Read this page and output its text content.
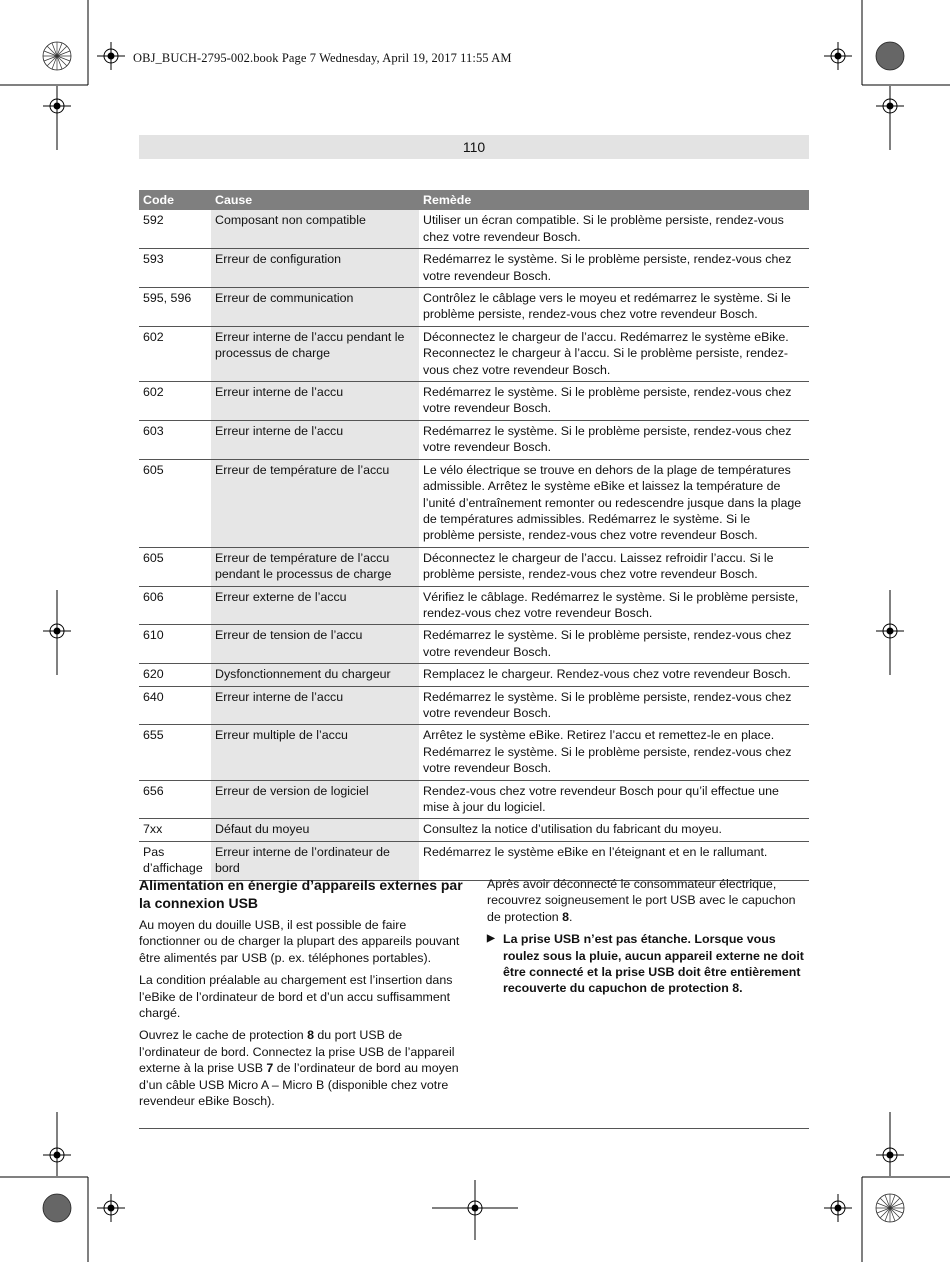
OBJ_BUCH-2795-002.book Page 7 Wednesday, April 19, 2017 11:55 AM
110
Code	Cause	Remède
592	Composant non compatible	Utiliser un écran compatible. Si le problème persiste, rendez-vous chez votre revendeur Bosch.
593	Erreur de configuration	Redémarrez le système. Si le problème persiste, rendez-vous chez votre revendeur Bosch.
595, 596	Erreur de communication	Contrôlez le câblage vers le moyeu et redémarrez le système. Si le problème persiste, rendez-vous chez votre revendeur Bosch.
602	Erreur interne de l’accu pendant le processus de charge	Déconnectez le chargeur de l’accu. Redémarrez le système eBike. Reconnectez le chargeur à l’accu. Si le problème persiste, rendez-vous chez votre revendeur Bosch.
602	Erreur interne de l’accu	Redémarrez le système. Si le problème persiste, rendez-vous chez votre revendeur Bosch.
603	Erreur interne de l’accu	Redémarrez le système. Si le problème persiste, rendez-vous chez votre revendeur Bosch.
605	Erreur de température de l’accu	Le vélo électrique se trouve en dehors de la plage de températures admissible. Arrêtez le système eBike et laissez la température de l’unité d’entraînement remonter ou redescendre jusque dans la plage de températures admissibles. Redémarrez le système. Si le problème persiste, rendez-vous chez votre revendeur Bosch.
605	Erreur de température de l’accu pendant le processus de charge	Déconnectez le chargeur de l’accu. Laissez refroidir l’accu. Si le problème persiste, rendez-vous chez votre revendeur Bosch.
606	Erreur externe de l’accu	Vérifiez le câblage. Redémarrez le système. Si le problème persiste, rendez-vous chez votre revendeur Bosch.
610	Erreur de tension de l’accu	Redémarrez le système. Si le problème persiste, rendez-vous chez votre revendeur Bosch.
620	Dysfonctionnement du chargeur	Remplacez le chargeur. Rendez-vous chez votre revendeur Bosch.
640	Erreur interne de l’accu	Redémarrez le système. Si le problème persiste, rendez-vous chez votre revendeur Bosch.
655	Erreur multiple de l’accu	Arrêtez le système eBike. Retirez l’accu et remettez-le en place. Redémarrez le système. Si le problème persiste, rendez-vous chez votre revendeur Bosch.
656	Erreur de version de logiciel	Rendez-vous chez votre revendeur Bosch pour qu’il effectue une mise à jour du logiciel.
7xx	Défaut du moyeu	Consultez la notice d’utilisation du fabricant du moyeu.
Pas d’affichage	Erreur interne de l’ordinateur de bord	Redémarrez le système eBike en l’éteignant et en le rallumant.
Alimentation en énergie d’appareils externes par la connexion USB

Au moyen du douille USB, il est possible de faire fonctionner ou de charger la plupart des appareils pouvant être alimentés par USB (p. ex. téléphones portables).

La condition préalable au chargement est l’insertion dans l’eBike de l’ordinateur de bord et d’un accu suffisamment chargé.

Ouvrez le cache de protection 8 du port USB de l’ordinateur de bord. Connectez la prise USB de l’appareil externe à la prise USB 7 de l’ordinateur de bord au moyen d’un câble USB Micro A – Micro B (disponible chez votre revendeur eBike Bosch).

Après avoir déconnecté le consommateur électrique, recouvrez soigneusement le port USB avec le capuchon de protection 8.

▶ La prise USB n’est pas étanche. Lorsque vous roulez sous la pluie, aucun appareil externe ne doit être connecté et la prise USB doit être entièrement recouverte du capuchon de protection 8.
